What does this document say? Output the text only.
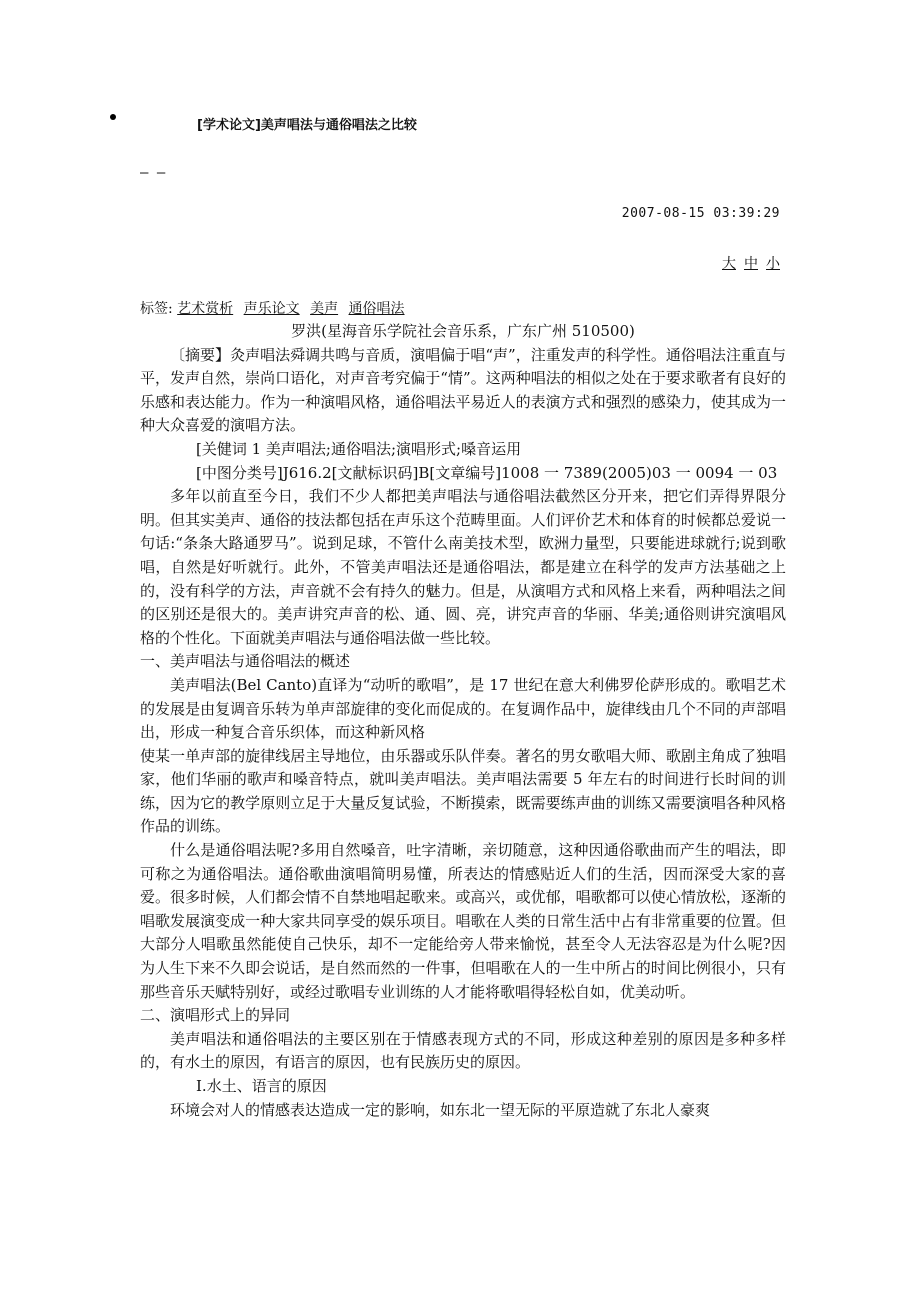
[学术论文]美声唱法与通俗唱法之比较
— —
2007-08-15 03:39:29
大 中 小
标签: 艺术赏析 声乐论文 美声 通俗唱法

罗洪(星海音乐学院社会音乐系，广东广州 510500)

〔摘要】灸声唱法舜调共鸣与音质，演唱偏于唱“声”，注重发声的科学性。通俗唱法注重直与平，发声自然，崇尚口语化，对声音考究偏于“情”。这两种唱法的相似之处在于要求歌者有良好的乐感和表达能力。作为一种演唱风格，通俗唱法平易近人的表演方式和强烈的感染力，使其成为一种大众喜爱的演唱方法。

[关健词 1 美声唱法;通俗唱法;演唱形式;嗓音运用

[中图分类号]J616.2[文献标识码]B[文章编号]1008 一 7389(2005)03 一 0094 一 03

多年以前直至今日，我们不少人都把美声唱法与通俗唱法截然区分开来，把它们弄得界限分明。但其实美声、通俗的技法都包括在声乐这个范畴里面。人们评价艺术和体育的时候都总爱说一句话:“条条大路通罗马”。说到足球，不管什么南美技术型，欧洲力量型，只要能进球就行;说到歌唱，自然是好听就行。此外，不管美声唱法还是通俗唱法，都是建立在科学的发声方法基础之上的，没有科学的方法，声音就不会有持久的魅力。但是，从演唱方式和风格上来看，两种唱法之间的区别还是很大的。美声讲究声音的松、通、圆、亮，讲究声音的华丽、华美;通俗则讲究演唱风格的个性化。下面就美声唱法与通俗唱法做一些比较。

一、美声唱法与通俗唱法的概述

美声唱法(Bel Canto)直译为“动听的歌唱”，是 17 世纪在意大利佛罗伦萨形成的。歌唱艺术的发展是由复调音乐转为单声部旋律的变化而促成的。在复调作品中，旋律线由几个不同的声部唱出，形成一种复合音乐织体，而这种新风格

使某一单声部的旋律线居主导地位，由乐器或乐队伴奏。著名的男女歌唱大师、歌剧主角成了独唱家，他们华丽的歌声和嗓音特点，就叫美声唱法。美声唱法需要 5 年左右的时间进行长时间的训练，因为它的教学原则立足于大量反复试验，不断摸索，既需要练声曲的训练又需要演唱各种风格作品的训练。

什么是通俗唱法呢?多用自然嗓音，吐字清晰，亲切随意，这种因通俗歌曲而产生的唱法，即可称之为通俗唱法。通俗歌曲演唱简明易懂，所表达的情感贴近人们的生活，因而深受大家的喜爱。很多时候，人们都会情不自禁地唱起歌来。或高兴，或优郁，唱歌都可以使心情放松，逐渐的唱歌发展演变成一种大家共同享受的娱乐项目。唱歌在人类的日常生活中占有非常重要的位置。但大部分人唱歌虽然能使自己快乐，却不一定能给旁人带来愉悦，甚至令人无法容忍是为什么呢?因为人生下来不久即会说话，是自然而然的一件事，但唱歌在人的一生中所占的时间比例很小，只有那些音乐天赋特别好，或经过歌唱专业训练的人才能将歌唱得轻松自如，优美动听。

二、演唱形式上的异同

美声唱法和通俗唱法的主要区别在于情感表现方式的不同，形成这种差别的原因是多种多样的，有水土的原因，有语言的原因，也有民族历史的原因。

I.水土、语言的原因

环境会对人的情感表达造成一定的影响，如东北一望无际的平原造就了东北人豪爽
